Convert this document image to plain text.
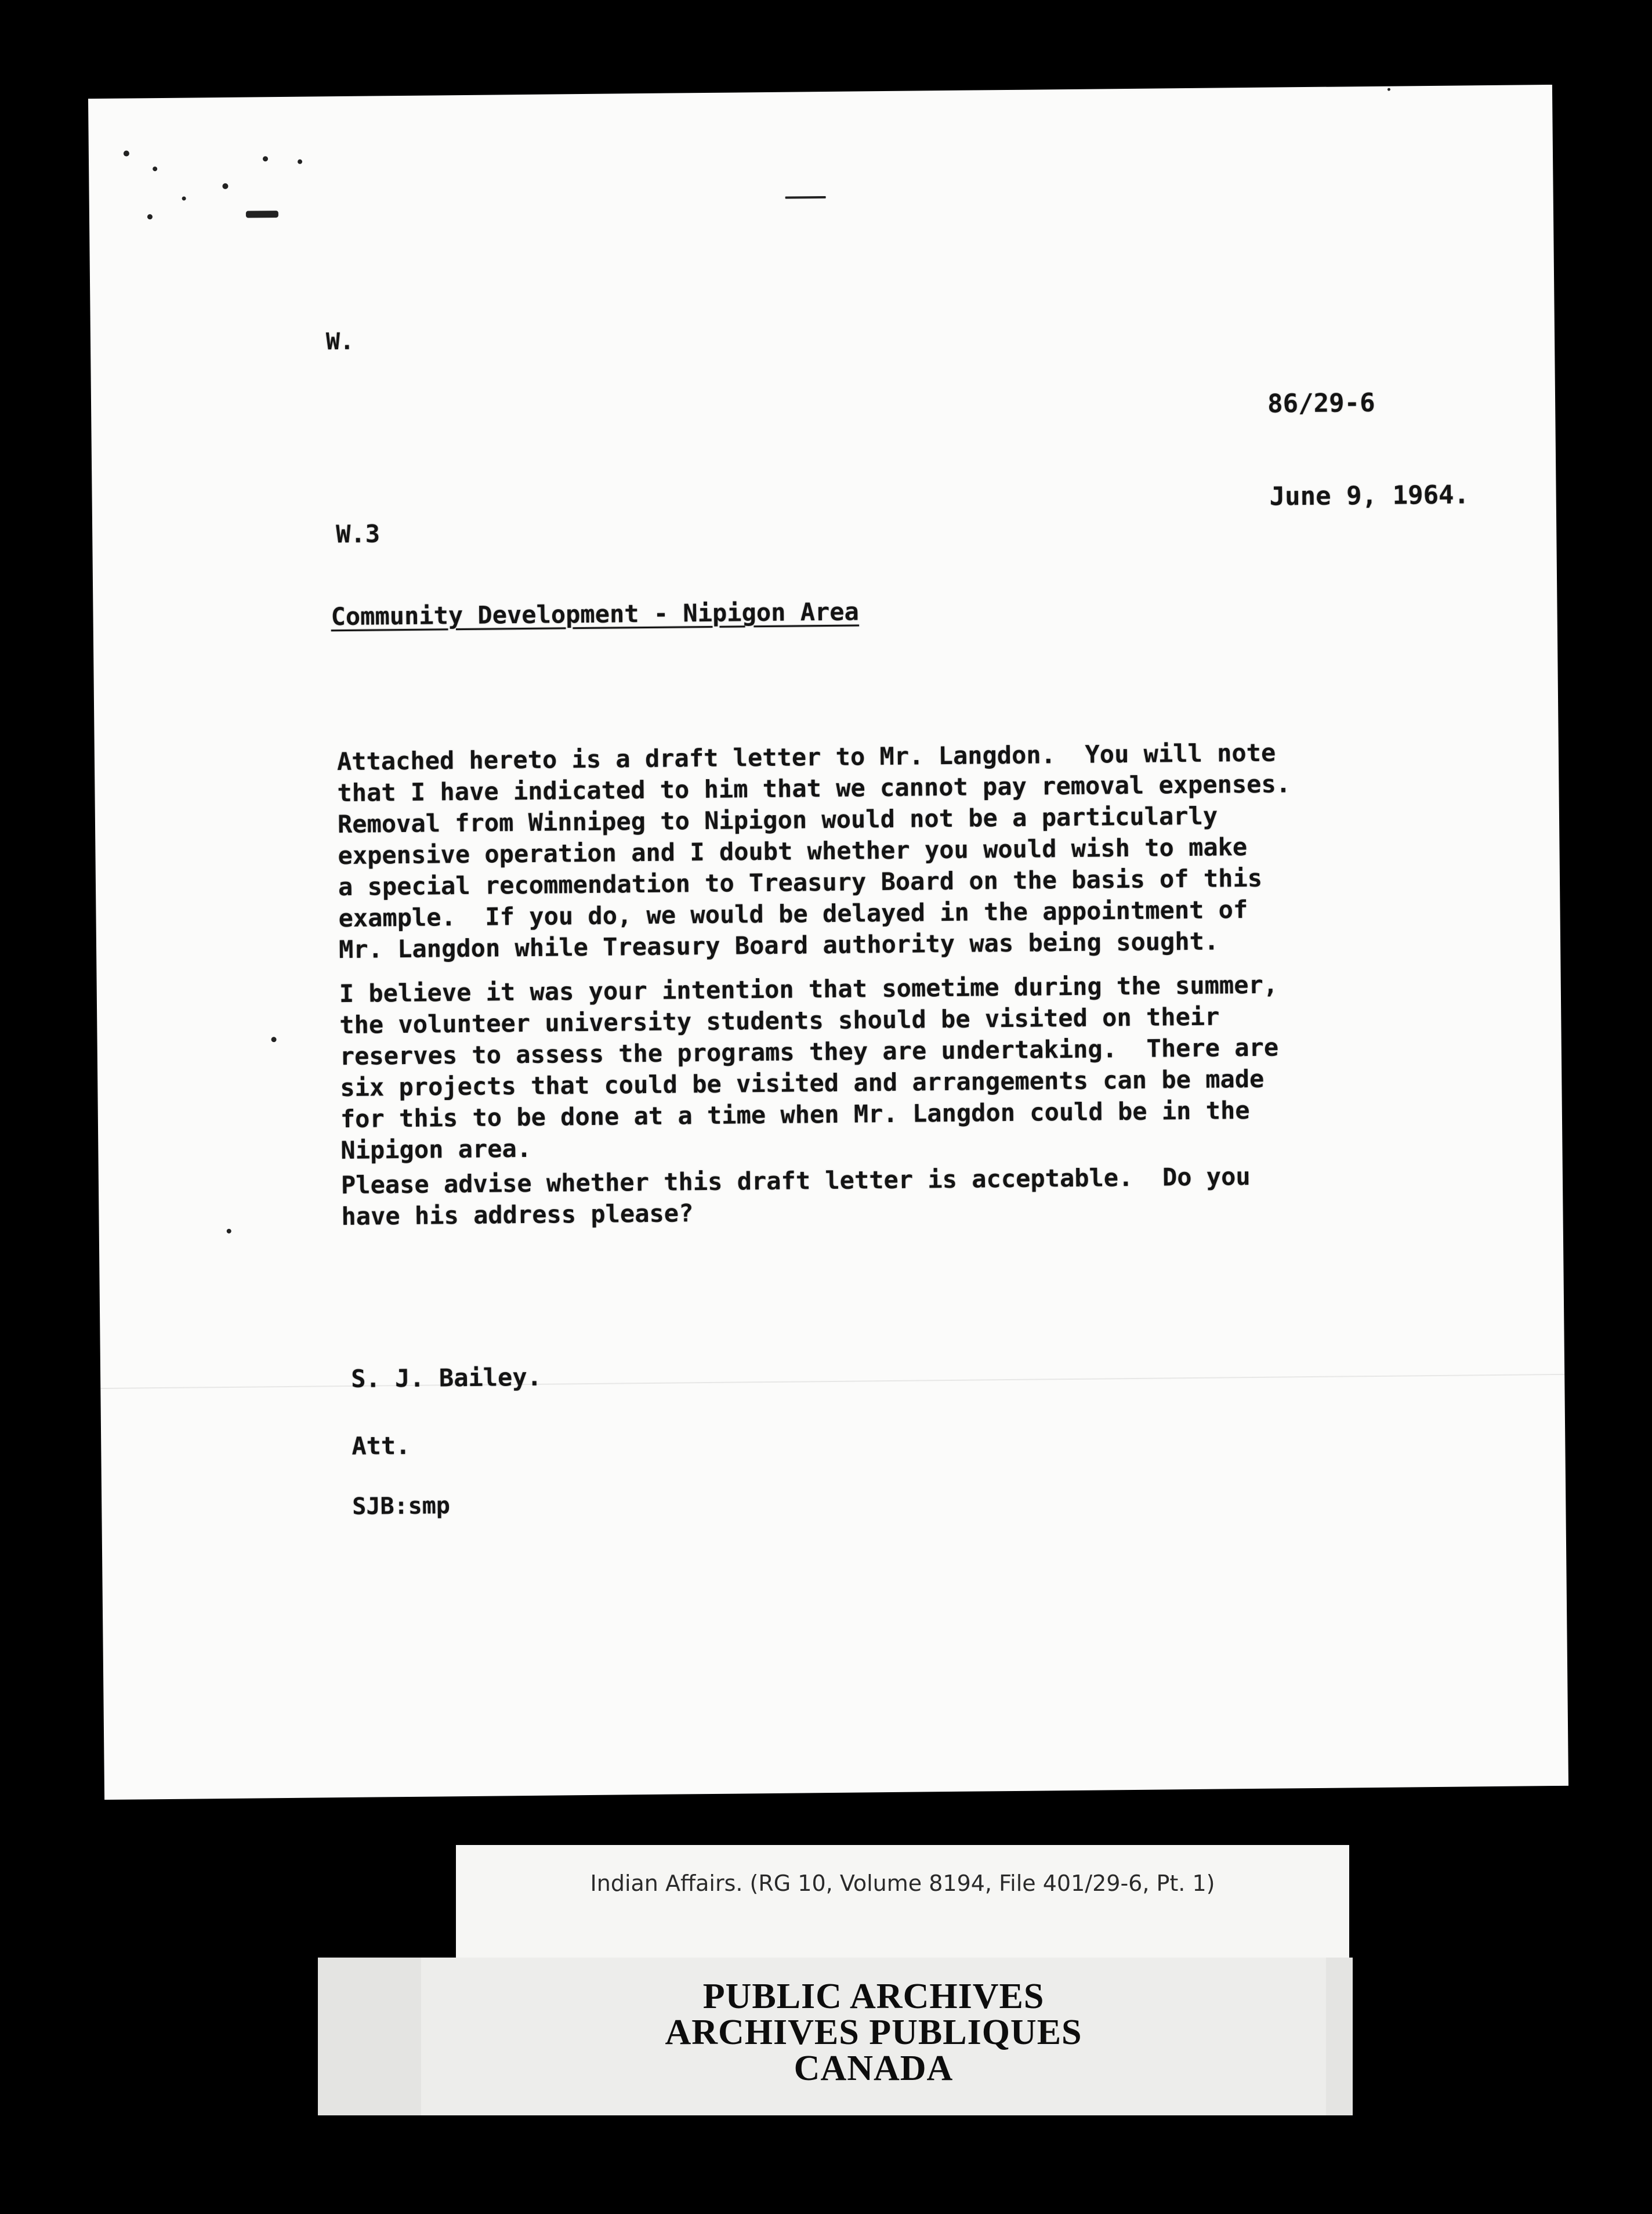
W.
86/29-6
June 9, 1964.
W.3
Community Development - Nipigon Area

Attached hereto is a draft letter to Mr. Langdon.  You will note
that I have indicated to him that we cannot pay removal expenses.
Removal from Winnipeg to Nipigon would not be a particularly
expensive operation and I doubt whether you would wish to make
a special recommendation to Treasury Board on the basis of this
example.  If you do, we would be delayed in the appointment of
Mr. Langdon while Treasury Board authority was being sought.

I believe it was your intention that sometime during the summer,
the volunteer university students should be visited on their
reserves to assess the programs they are undertaking.  There are
six projects that could be visited and arrangements can be made
for this to be done at a time when Mr. Langdon could be in the
Nipigon area.

Please advise whether this draft letter is acceptable.  Do you
have his address please?

S. J. Bailey.
Att.
SJB:smp
Indian Affairs. (RG 10, Volume 8194, File 401/29-6, Pt. 1)
PUBLIC ARCHIVES
ARCHIVES PUBLIQUES
CANADA
